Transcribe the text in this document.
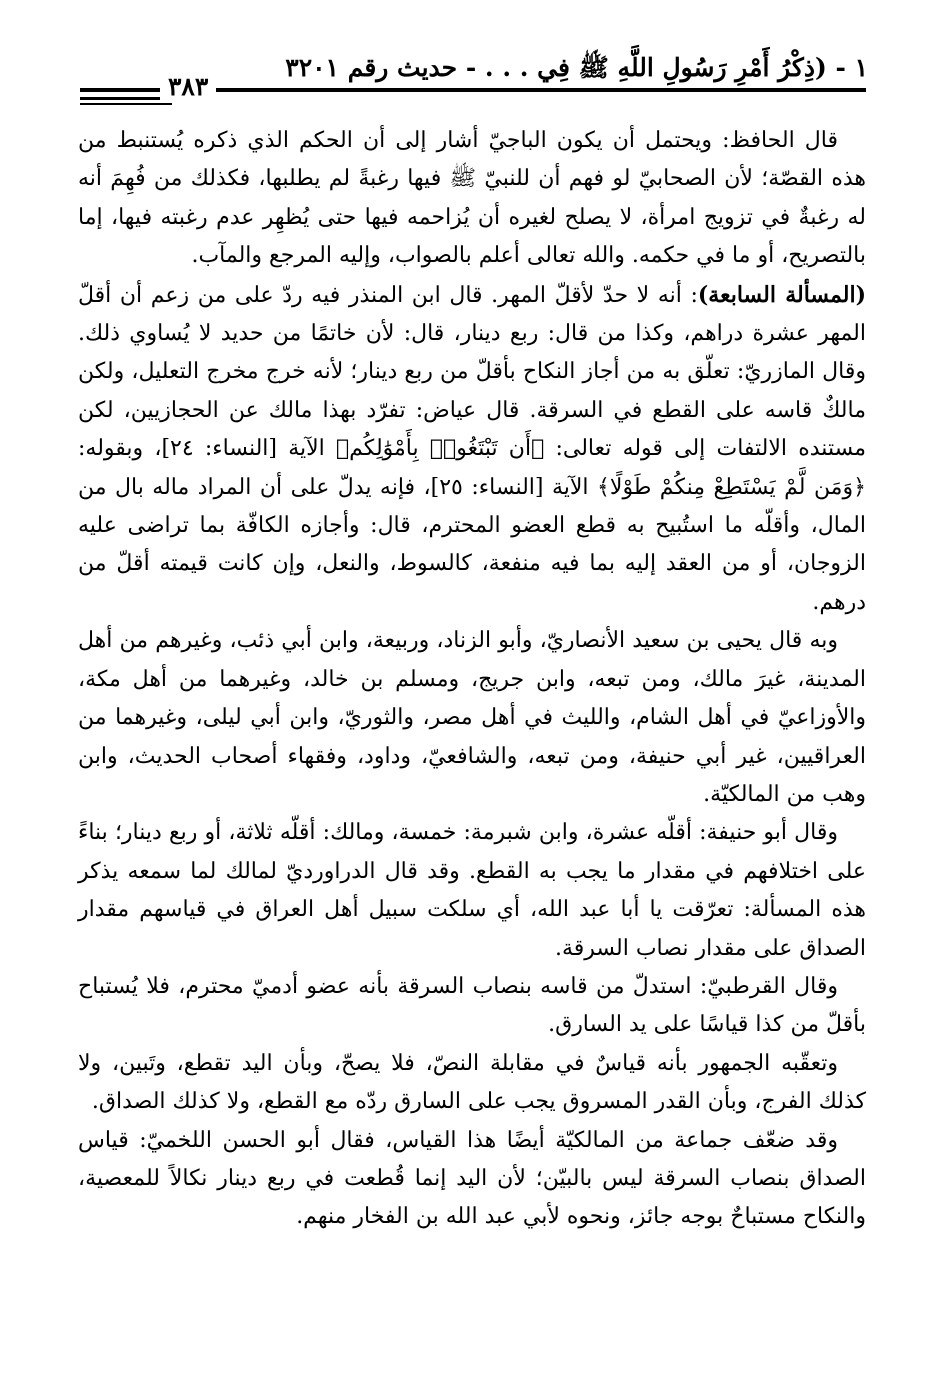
١ - (ذِكْرُ أَمْرِ رَسُولِ اللَّهِ ﷺ فِي . . . - حديث رقم ٣٢٠١
٣٨٣

قال الحافظ: ويحتمل أن يكون الباجيّ أشار إلى أن الحكم الذي ذكره يُستنبط من هذه القصّة؛ لأن الصحابيّ لو فهم أن للنبيّ ﷺ فيها رغبةً لم يطلبها، فكذلك من فُهِمَ أنه له رغبةٌ في تزويج امرأة، لا يصلح لغيره أن يُزاحمه فيها حتى يُظهِر عدم رغبته فيها، إما بالتصريح، أو ما في حكمه. والله تعالى أعلم بالصواب، وإليه المرجع والمآب.

(المسألة السابعة): أنه لا حدّ لأقلّ المهر. قال ابن المنذر فيه ردّ على من زعم أن أقلّ المهر عشرة دراهم، وكذا من قال: ربع دينار، قال: لأن خاتمًا من حديد لا يُساوي ذلك. وقال المازريّ: تعلّق به من أجاز النكاح بأقلّ من ربع دينار؛ لأنه خرج مخرج التعليل، ولكن مالكٌ قاسه على القطع في السرقة. قال عياض: تفرّد بهذا مالك عن الحجازيين، لكن مستنده الالتفات إلى قوله تعالى: ﴿أَن تَبْتَغُوا۟ بِأَمْوَٰلِكُم﴾ الآية [النساء: ٢٤]، وبقوله: ﴿وَمَن لَّمْ يَسْتَطِعْ مِنكُمْ طَوْلًا﴾ الآية [النساء: ٢٥]، فإنه يدلّ على أن المراد ماله بال من المال، وأقلّه ما استُبيح به قطع العضو المحترم، قال: وأجازه الكافّة بما تراضى عليه الزوجان، أو من العقد إليه بما فيه منفعة، كالسوط، والنعل، وإن كانت قيمته أقلّ من درهم.

وبه قال يحيى بن سعيد الأنصاريّ، وأبو الزناد، وربيعة، وابن أبي ذئب، وغيرهم من أهل المدينة، غيرَ مالك، ومن تبعه، وابن جريج، ومسلم بن خالد، وغيرهما من أهل مكة، والأوزاعيّ في أهل الشام، والليث في أهل مصر، والثوريّ، وابن أبي ليلى، وغيرهما من العراقيين، غير أبي حنيفة، ومن تبعه، والشافعيّ، وداود، وفقهاء أصحاب الحديث، وابن وهب من المالكيّة.

وقال أبو حنيفة: أقلّه عشرة، وابن شبرمة: خمسة، ومالك: أقلّه ثلاثة، أو ربع دينار؛ بناءً على اختلافهم في مقدار ما يجب به القطع. وقد قال الدراورديّ لمالك لما سمعه يذكر هذه المسألة: تعرّقت يا أبا عبد الله، أي سلكت سبيل أهل العراق في قياسهم مقدار الصداق على مقدار نصاب السرقة.

وقال القرطبيّ: استدلّ من قاسه بنصاب السرقة بأنه عضو أدميّ محترم، فلا يُستباح بأقلّ من كذا قياسًا على يد السارق.

وتعقّبه الجمهور بأنه قياسٌ في مقابلة النصّ، فلا يصحّ، وبأن اليد تقطع، وتَبين، ولا كذلك الفرج، وبأن القدر المسروق يجب على السارق ردّه مع القطع، ولا كذلك الصداق.

وقد ضعّف جماعة من المالكيّة أيضًا هذا القياس، فقال أبو الحسن اللخميّ: قياس الصداق بنصاب السرقة ليس بالبيّن؛ لأن اليد إنما قُطعت في ربع دينار نكالاً للمعصية، والنكاح مستباحٌ بوجه جائز، ونحوه لأبي عبد الله بن الفخار منهم.
